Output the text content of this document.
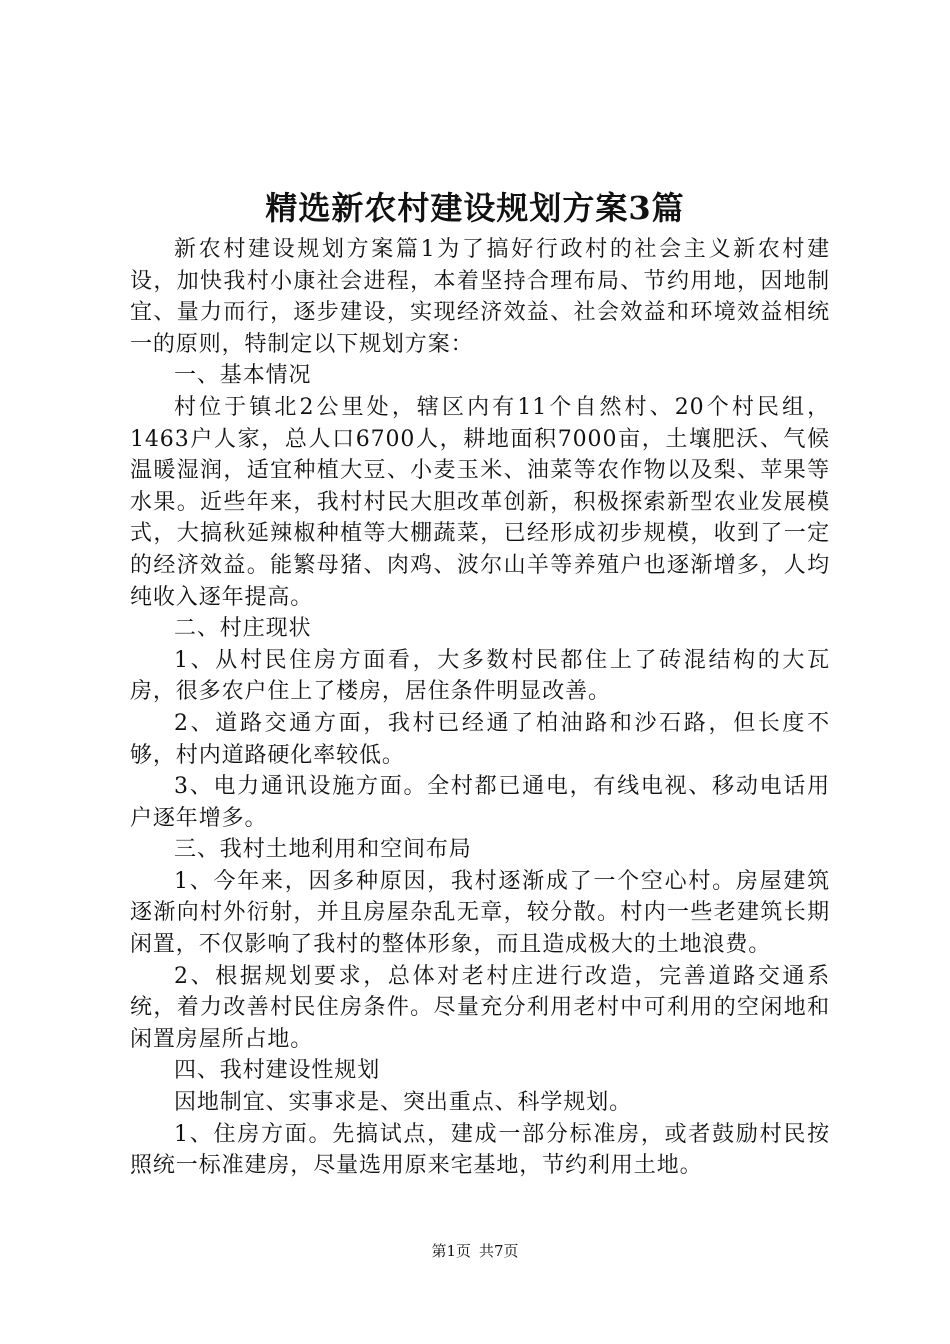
精选新农村建设规划方案3篇

新农村建设规划方案篇1为了搞好行政村的社会主义新农村建设，加快我村小康社会进程，本着坚持合理布局、节约用地，因地制宜、量力而行，逐步建设，实现经济效益、社会效益和环境效益相统一的原则，特制定以下规划方案：

一、基本情况

村位于镇北2公里处，辖区内有11个自然村、20个村民组，1463户人家，总人口6700人，耕地面积7000亩，土壤肥沃、气候温暖湿润，适宜种植大豆、小麦玉米、油菜等农作物以及梨、苹果等水果。近些年来，我村村民大胆改革创新，积极探索新型农业发展模式，大搞秋延辣椒种植等大棚蔬菜，已经形成初步规模，收到了一定的经济效益。能繁母猪、肉鸡、波尔山羊等养殖户也逐渐增多，人均纯收入逐年提高。

二、村庄现状

1、从村民住房方面看，大多数村民都住上了砖混结构的大瓦房，很多农户住上了楼房，居住条件明显改善。

2、道路交通方面，我村已经通了柏油路和沙石路，但长度不够，村内道路硬化率较低。

3、电力通讯设施方面。全村都已通电，有线电视、移动电话用户逐年增多。

三、我村土地利用和空间布局

1、今年来，因多种原因，我村逐渐成了一个空心村。房屋建筑逐渐向村外衍射，并且房屋杂乱无章，较分散。村内一些老建筑长期闲置，不仅影响了我村的整体形象，而且造成极大的土地浪费。

2、根据规划要求，总体对老村庄进行改造，完善道路交通系统，着力改善村民住房条件。尽量充分利用老村中可利用的空闲地和闲置房屋所占地。

四、我村建设性规划

因地制宜、实事求是、突出重点、科学规划。

1、住房方面。先搞试点，建成一部分标准房，或者鼓励村民按照统一标准建房，尽量选用原来宅基地，节约利用土地。

第1页 共7页
